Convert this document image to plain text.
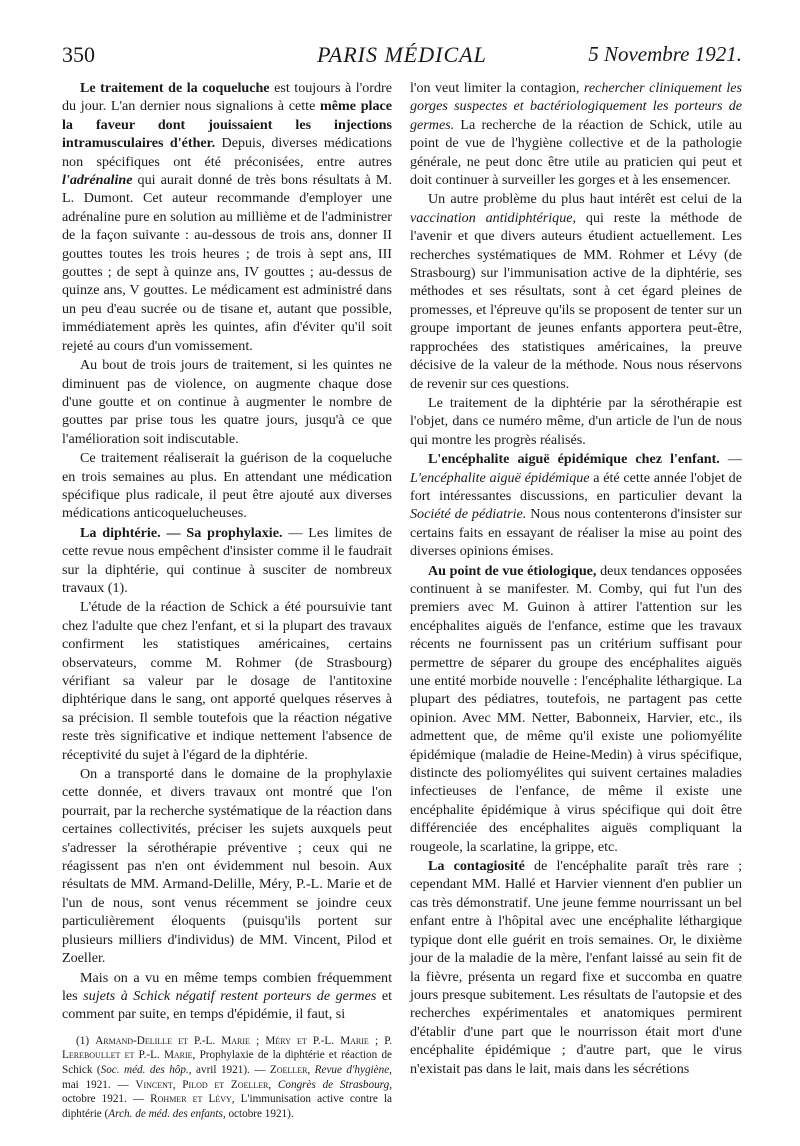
350	PARIS MÉDICAL	5 Novembre 1921.

Le traitement de la coqueluche est toujours à l'ordre du jour. L'an dernier nous signalions à cette même place la faveur dont jouissaient les injections intramusculaires d'éther. Depuis, diverses médications non spécifiques ont été préconisées, entre autres l'adrénaline qui aurait donné de très bons résultats à M. L. Dumont. Cet auteur recommande d'employer une adrénaline pure en solution au millième et de l'administrer de la façon suivante : au-dessous de trois ans, donner II gouttes toutes les trois heures ; de trois à sept ans, III gouttes ; de sept à quinze ans, IV gouttes ; au-dessus de quinze ans, V gouttes. Le médicament est administré dans un peu d'eau sucrée ou de tisane et, autant que possible, immédiatement après les quintes, afin d'éviter qu'il soit rejeté au cours d'un vomissement.

Au bout de trois jours de traitement, si les quintes ne diminuent pas de violence, on augmente chaque dose d'une goutte et on continue à augmenter le nombre de gouttes par prise tous les quatre jours, jusqu'à ce que l'amélioration soit indiscutable.

Ce traitement réaliserait la guérison de la coqueluche en trois semaines au plus. En attendant une médication spécifique plus radicale, il peut être ajouté aux diverses médications anticoquelucheuses.

La diphtérie. — Sa prophylaxie. — Les limites de cette revue nous empêchent d'insister comme il le faudrait sur la diphtérie, qui continue à susciter de nombreux travaux (1).

L'étude de la réaction de Schick a été poursuivie tant chez l'adulte que chez l'enfant, et si la plupart des travaux confirment les statistiques américaines, certains observateurs, comme M. Rohmer (de Strasbourg) vérifiant sa valeur par le dosage de l'antitoxine diphtérique dans le sang, ont apporté quelques réserves à sa précision. Il semble toutefois que la réaction négative reste très significative et indique nettement l'absence de réceptivité du sujet à l'égard de la diphtérie.

On a transporté dans le domaine de la prophylaxie cette donnée, et divers travaux ont montré que l'on pourrait, par la recherche systématique de la réaction dans certaines collectivités, préciser les sujets auxquels peut s'adresser la sérothérapie préventive ; ceux qui ne réagissent pas n'en ont évidemment nul besoin. Aux résultats de MM. Armand-Delille, Méry, P.-L. Marie et de l'un de nous, sont venus récemment se joindre ceux particulièrement éloquents (puisqu'ils portent sur plusieurs milliers d'individus) de MM. Vincent, Pilod et Zoeller.

Mais on a vu en même temps combien fréquemment les sujets à Schick négatif restent porteurs de germes et comment par suite, en temps d'épidémie, il faut, si

(1) Armand-Delille et P.-L. Marie ; Méry et P.-L. Marie ; P. Lereboullet et P.-L. Marie, Prophylaxie de la diphtérie et réaction de Schick (Soc. méd. des hôp., avril 1921). — Zoeller, Revue d'hygiène, mai 1921. — Vincent, Pilod et Zoeller, Congrès de Strasbourg, octobre 1921. — Rohmer et Lévy, L'immunisation active contre la diphtérie (Arch. de méd. des enfants, octobre 1921).

l'on veut limiter la contagion, rechercher cliniquement les gorges suspectes et bactériologiquement les porteurs de germes. La recherche de la réaction de Schick, utile au point de vue de l'hygiène collective et de la pathologie générale, ne peut donc être utile au praticien qui peut et doit continuer à surveiller les gorges et à les ensemencer.

Un autre problème du plus haut intérêt est celui de la vaccination antidiphtérique, qui reste la méthode de l'avenir et que divers auteurs étudient actuellement. Les recherches systématiques de MM. Rohmer et Lévy (de Strasbourg) sur l'immunisation active de la diphtérie, ses méthodes et ses résultats, sont à cet égard pleines de promesses, et l'épreuve qu'ils se proposent de tenter sur un groupe important de jeunes enfants apportera peut-être, rapprochées des statistiques américaines, la preuve décisive de la valeur de la méthode. Nous nous réservons de revenir sur ces questions.

Le traitement de la diphtérie par la sérothérapie est l'objet, dans ce numéro même, d'un article de l'un de nous qui montre les progrès réalisés.

L'encéphalite aiguë épidémique chez l'enfant. — L'encéphalite aiguë épidémique a été cette année l'objet de fort intéressantes discussions, en particulier devant la Société de pédiatrie. Nous nous contenterons d'insister sur certains faits en essayant de réaliser la mise au point des diverses opinions émises.

Au point de vue étiologique, deux tendances opposées continuent à se manifester. M. Comby, qui fut l'un des premiers avec M. Guinon à attirer l'attention sur les encéphalites aiguës de l'enfance, estime que les travaux récents ne fournissent pas un critérium suffisant pour permettre de séparer du groupe des encéphalites aiguës une entité morbide nouvelle : l'encéphalite léthargique. La plupart des pédiatres, toutefois, ne partagent pas cette opinion. Avec MM. Netter, Babonneix, Harvier, etc., ils admettent que, de même qu'il existe une poliomyélite épidémique (maladie de Heine-Medin) à virus spécifique, distincte des poliomyélites qui suivent certaines maladies infectieuses de l'enfance, de même il existe une encéphalite épidémique à virus spécifique qui doit être différenciée des encéphalites aiguës compliquant la rougeole, la scarlatine, la grippe, etc.

La contagiosité de l'encéphalite paraît très rare ; cependant MM. Hallé et Harvier viennent d'en publier un cas très démonstratif. Une jeune femme nourrissant un bel enfant entre à l'hôpital avec une encéphalite léthargique typique dont elle guérit en trois semaines. Or, le dixième jour de la maladie de la mère, l'enfant laissé au sein fit de la fièvre, présenta un regard fixe et succomba en quatre jours presque subitement. Les résultats de l'autopsie et des recherches expérimentales et anatomiques permirent d'établir d'une part que le nourrisson était mort d'une encéphalite épidémique ; d'autre part, que le virus n'existait pas dans le lait, mais dans les sécrétions
